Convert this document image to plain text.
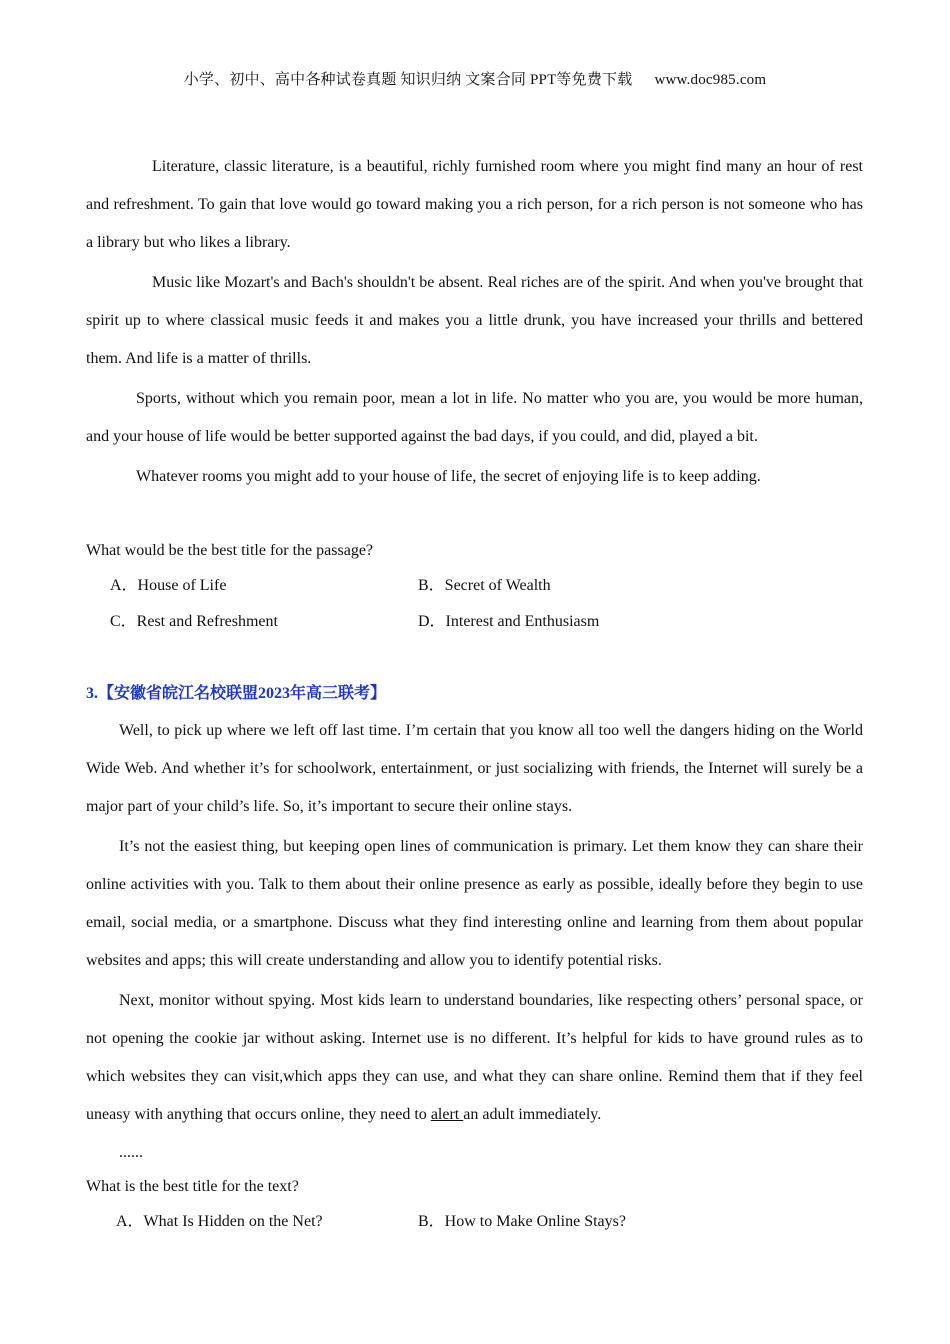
小学、初中、高中各种试卷真题 知识归纳 文案合同 PPT等免费下载 www.doc985.com

Literature, classic literature, is a beautiful, richly furnished room where you might find many an hour of rest and refreshment. To gain that love would go toward making you a rich person, for a rich person is not someone who has a library but who likes a library.

Music like Mozart's and Bach's shouldn't be absent. Real riches are of the spirit. And when you've brought that spirit up to where classical music feeds it and makes you a little drunk, you have increased your thrills and bettered them. And life is a matter of thrills.

Sports, without which you remain poor, mean a lot in life. No matter who you are, you would be more human, and your house of life would be better supported against the bad days, if you could, and did, played a bit.

Whatever rooms you might add to your house of life, the secret of enjoying life is to keep adding.

What would be the best title for the passage?

A．House of Life	B．Secret of Wealth
C．Rest and Refreshment	D．Interest and Enthusiasm
3.【安徽省皖江名校联盟2023年高三联考】

Well, to pick up where we left off last time. I’m certain that you know all too well the dangers hiding on the World Wide Web. And whether it’s for schoolwork, entertainment, or just socializing with friends, the Internet will surely be a major part of your child’s life. So, it’s important to secure their online stays.

It’s not the easiest thing, but keeping open lines of communication is primary. Let them know they can share their online activities with you. Talk to them about their online presence as early as possible, ideally before they begin to use email, social media, or a smartphone. Discuss what they find interesting online and learning from them about popular websites and apps; this will create understanding and allow you to identify potential risks.

Next, monitor without spying. Most kids learn to understand boundaries, like respecting others’ personal space, or not opening the cookie jar without asking. Internet use is no different. It’s helpful for kids to have ground rules as to which websites they can visit,which apps they can use, and what they can share online. Remind them that if they feel uneasy with anything that occurs online, they need to alert an adult immediately.

......

What is the best title for the text?

A．What Is Hidden on the Net?	B．How to Make Online Stays?
